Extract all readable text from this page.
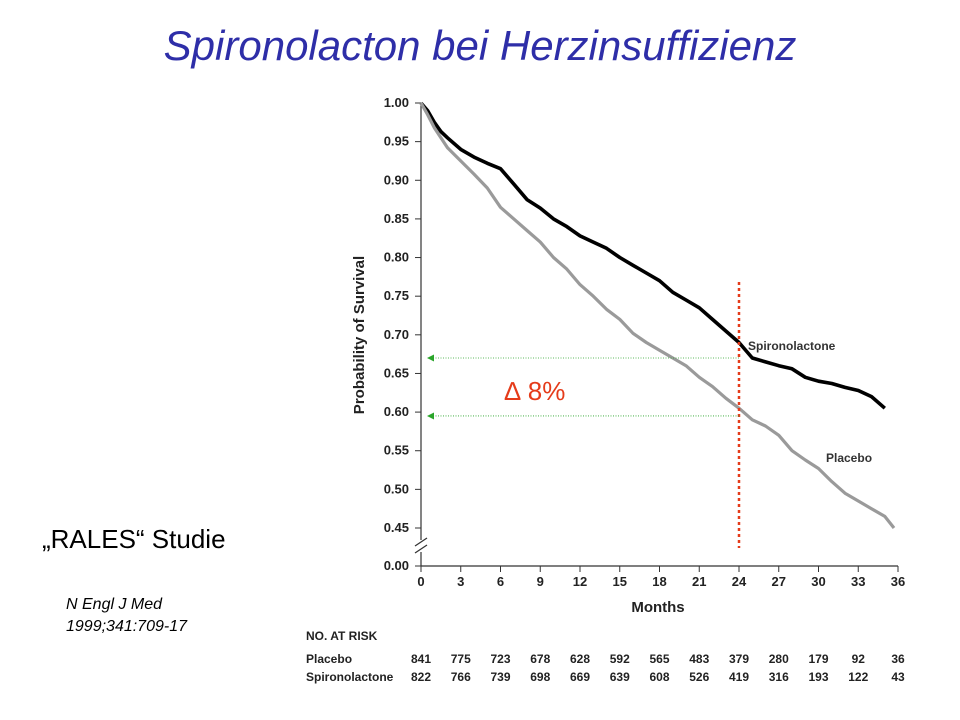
Spironolacton bei Herzinsuffizienz
„RALES“ Studie
N Engl J Med
1999;341:709-17
1.00
0.95
0.90
0.85
0.80
0.75
0.70
0.65
0.60
0.55
0.50
0.45
0.00
0	3	6	9 12 15 18 21 24 27 30 33 36
Spironolactone
Placebo
∆ 8%
NO. AT RISK
Placebo	841 775 723 678 628 592 565 483 379 280 179 92 36
Spironolactone 822 766 739 698 669 639 608 526 419 316 193 122 43
Probability of Survival
Months
